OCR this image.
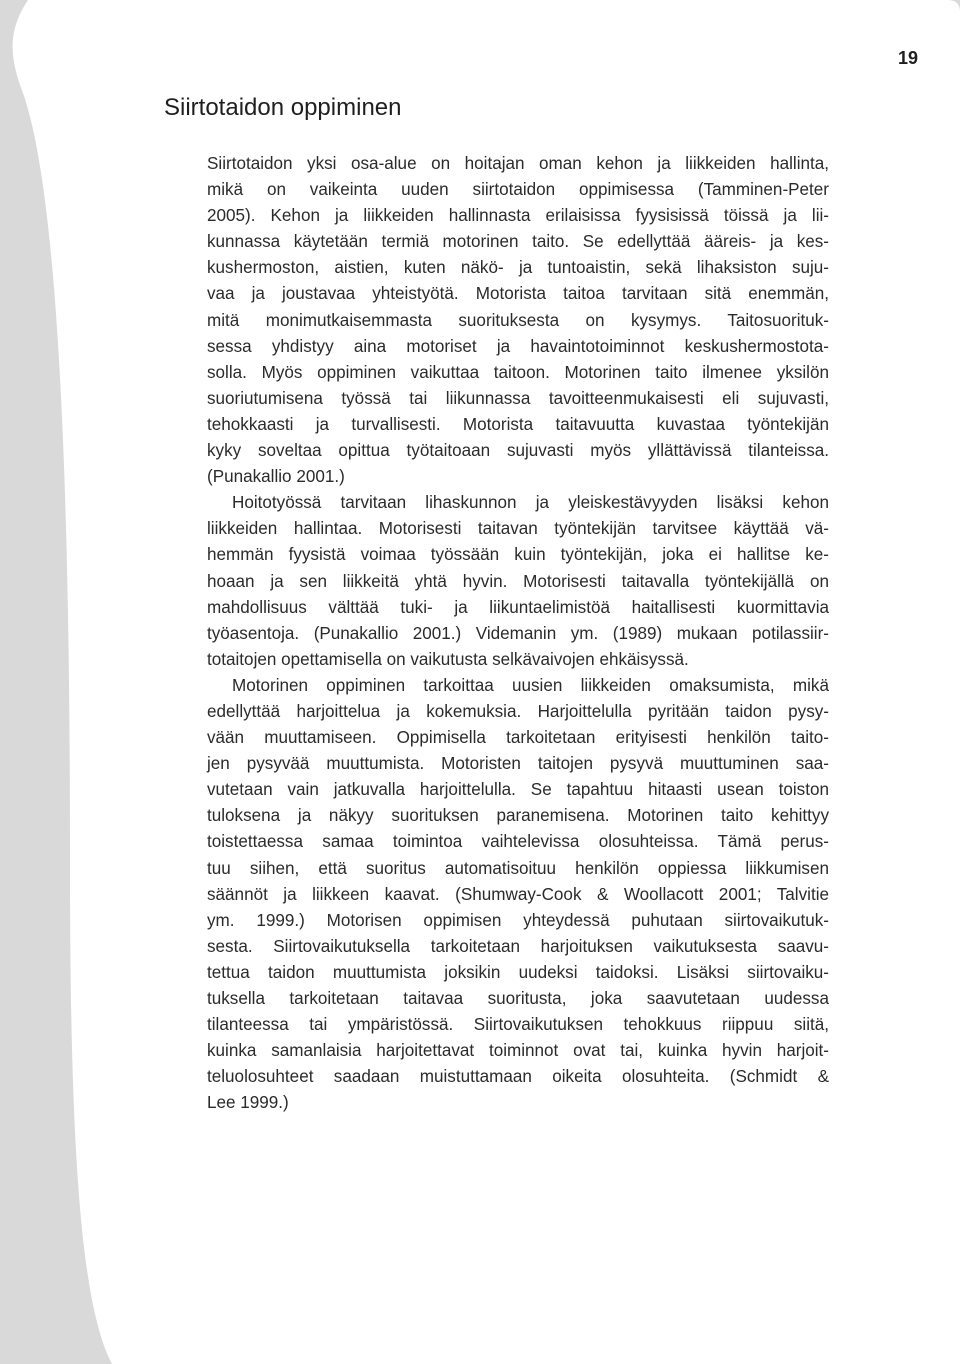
19
Siirtotaidon oppiminen

Siirtotaidon yksi osa-alue on hoitajan oman kehon ja liikkeiden hallinta,
mikä on vaikeinta uuden siirtotaidon oppimisessa (Tamminen-Peter
2005). Kehon ja liikkeiden hallinnasta erilaisissa fyysisissä töissä ja lii-
kunnassa käytetään termiä motorinen taito. Se edellyttää ääreis- ja kes-
kushermoston, aistien, kuten näkö- ja tuntoaistin, sekä lihaksiston suju-
vaa ja joustavaa yhteistyötä. Motorista taitoa tarvitaan sitä enemmän,
mitä monimutkaisemmasta suorituksesta on kysymys. Taitosuorituk-
sessa yhdistyy aina motoriset ja havaintotoiminnot keskushermostota-
solla. Myös oppiminen vaikuttaa taitoon. Motorinen taito ilmenee yksilön
suoriutumisena työssä tai liikunnassa tavoitteenmukaisesti eli sujuvasti,
tehokkaasti ja turvallisesti. Motorista taitavuutta kuvastaa työntekijän
kyky soveltaa opittua työtaitoaan sujuvasti myös yllättävissä tilanteissa.
(Punakallio 2001.)

Hoitotyössä tarvitaan lihaskunnon ja yleiskestävyyden lisäksi kehon
liikkeiden hallintaa. Motorisesti taitavan työntekijän tarvitsee käyttää vä-
hemmän fyysistä voimaa työssään kuin työntekijän, joka ei hallitse ke-
hoaan ja sen liikkeitä yhtä hyvin. Motorisesti taitavalla työntekijällä on
mahdollisuus välttää tuki- ja liikuntaelimistöä haitallisesti kuormittavia
työasentoja. (Punakallio 2001.) Videmanin ym. (1989) mukaan potilassiir-
totaitojen opettamisella on vaikutusta selkävaivojen ehkäisyssä.

Motorinen oppiminen tarkoittaa uusien liikkeiden omaksumista, mikä
edellyttää harjoittelua ja kokemuksia. Harjoittelulla pyritään taidon pysy-
vään muuttamiseen. Oppimisella tarkoitetaan erityisesti henkilön taito-
jen pysyvää muuttumista. Motoristen taitojen pysyvä muuttuminen saa-
vutetaan vain jatkuvalla harjoittelulla. Se tapahtuu hitaasti usean toiston
tuloksena ja näkyy suorituksen paranemisena. Motorinen taito kehittyy
toistettaessa samaa toimintoa vaihtelevissa olosuhteissa. Tämä perus-
tuu siihen, että suoritus automatisoituu henkilön oppiessa liikkumisen
säännöt ja liikkeen kaavat. (Shumway-Cook & Woollacott 2001; Talvitie
ym. 1999.) Motorisen oppimisen yhteydessä puhutaan siirtovaikutuk-
sesta. Siirtovaikutuksella tarkoitetaan harjoituksen vaikutuksesta saavu-
tettua taidon muuttumista joksikin uudeksi taidoksi. Lisäksi siirtovaiku-
tuksella tarkoitetaan taitavaa suoritusta, joka saavutetaan uudessa
tilanteessa tai ympäristössä. Siirtovaikutuksen tehokkuus riippuu siitä,
kuinka samanlaisia harjoitettavat toiminnot ovat tai, kuinka hyvin harjoit-
teluolosuhteet saadaan muistuttamaan oikeita olosuhteita. (Schmidt &
Lee 1999.)
